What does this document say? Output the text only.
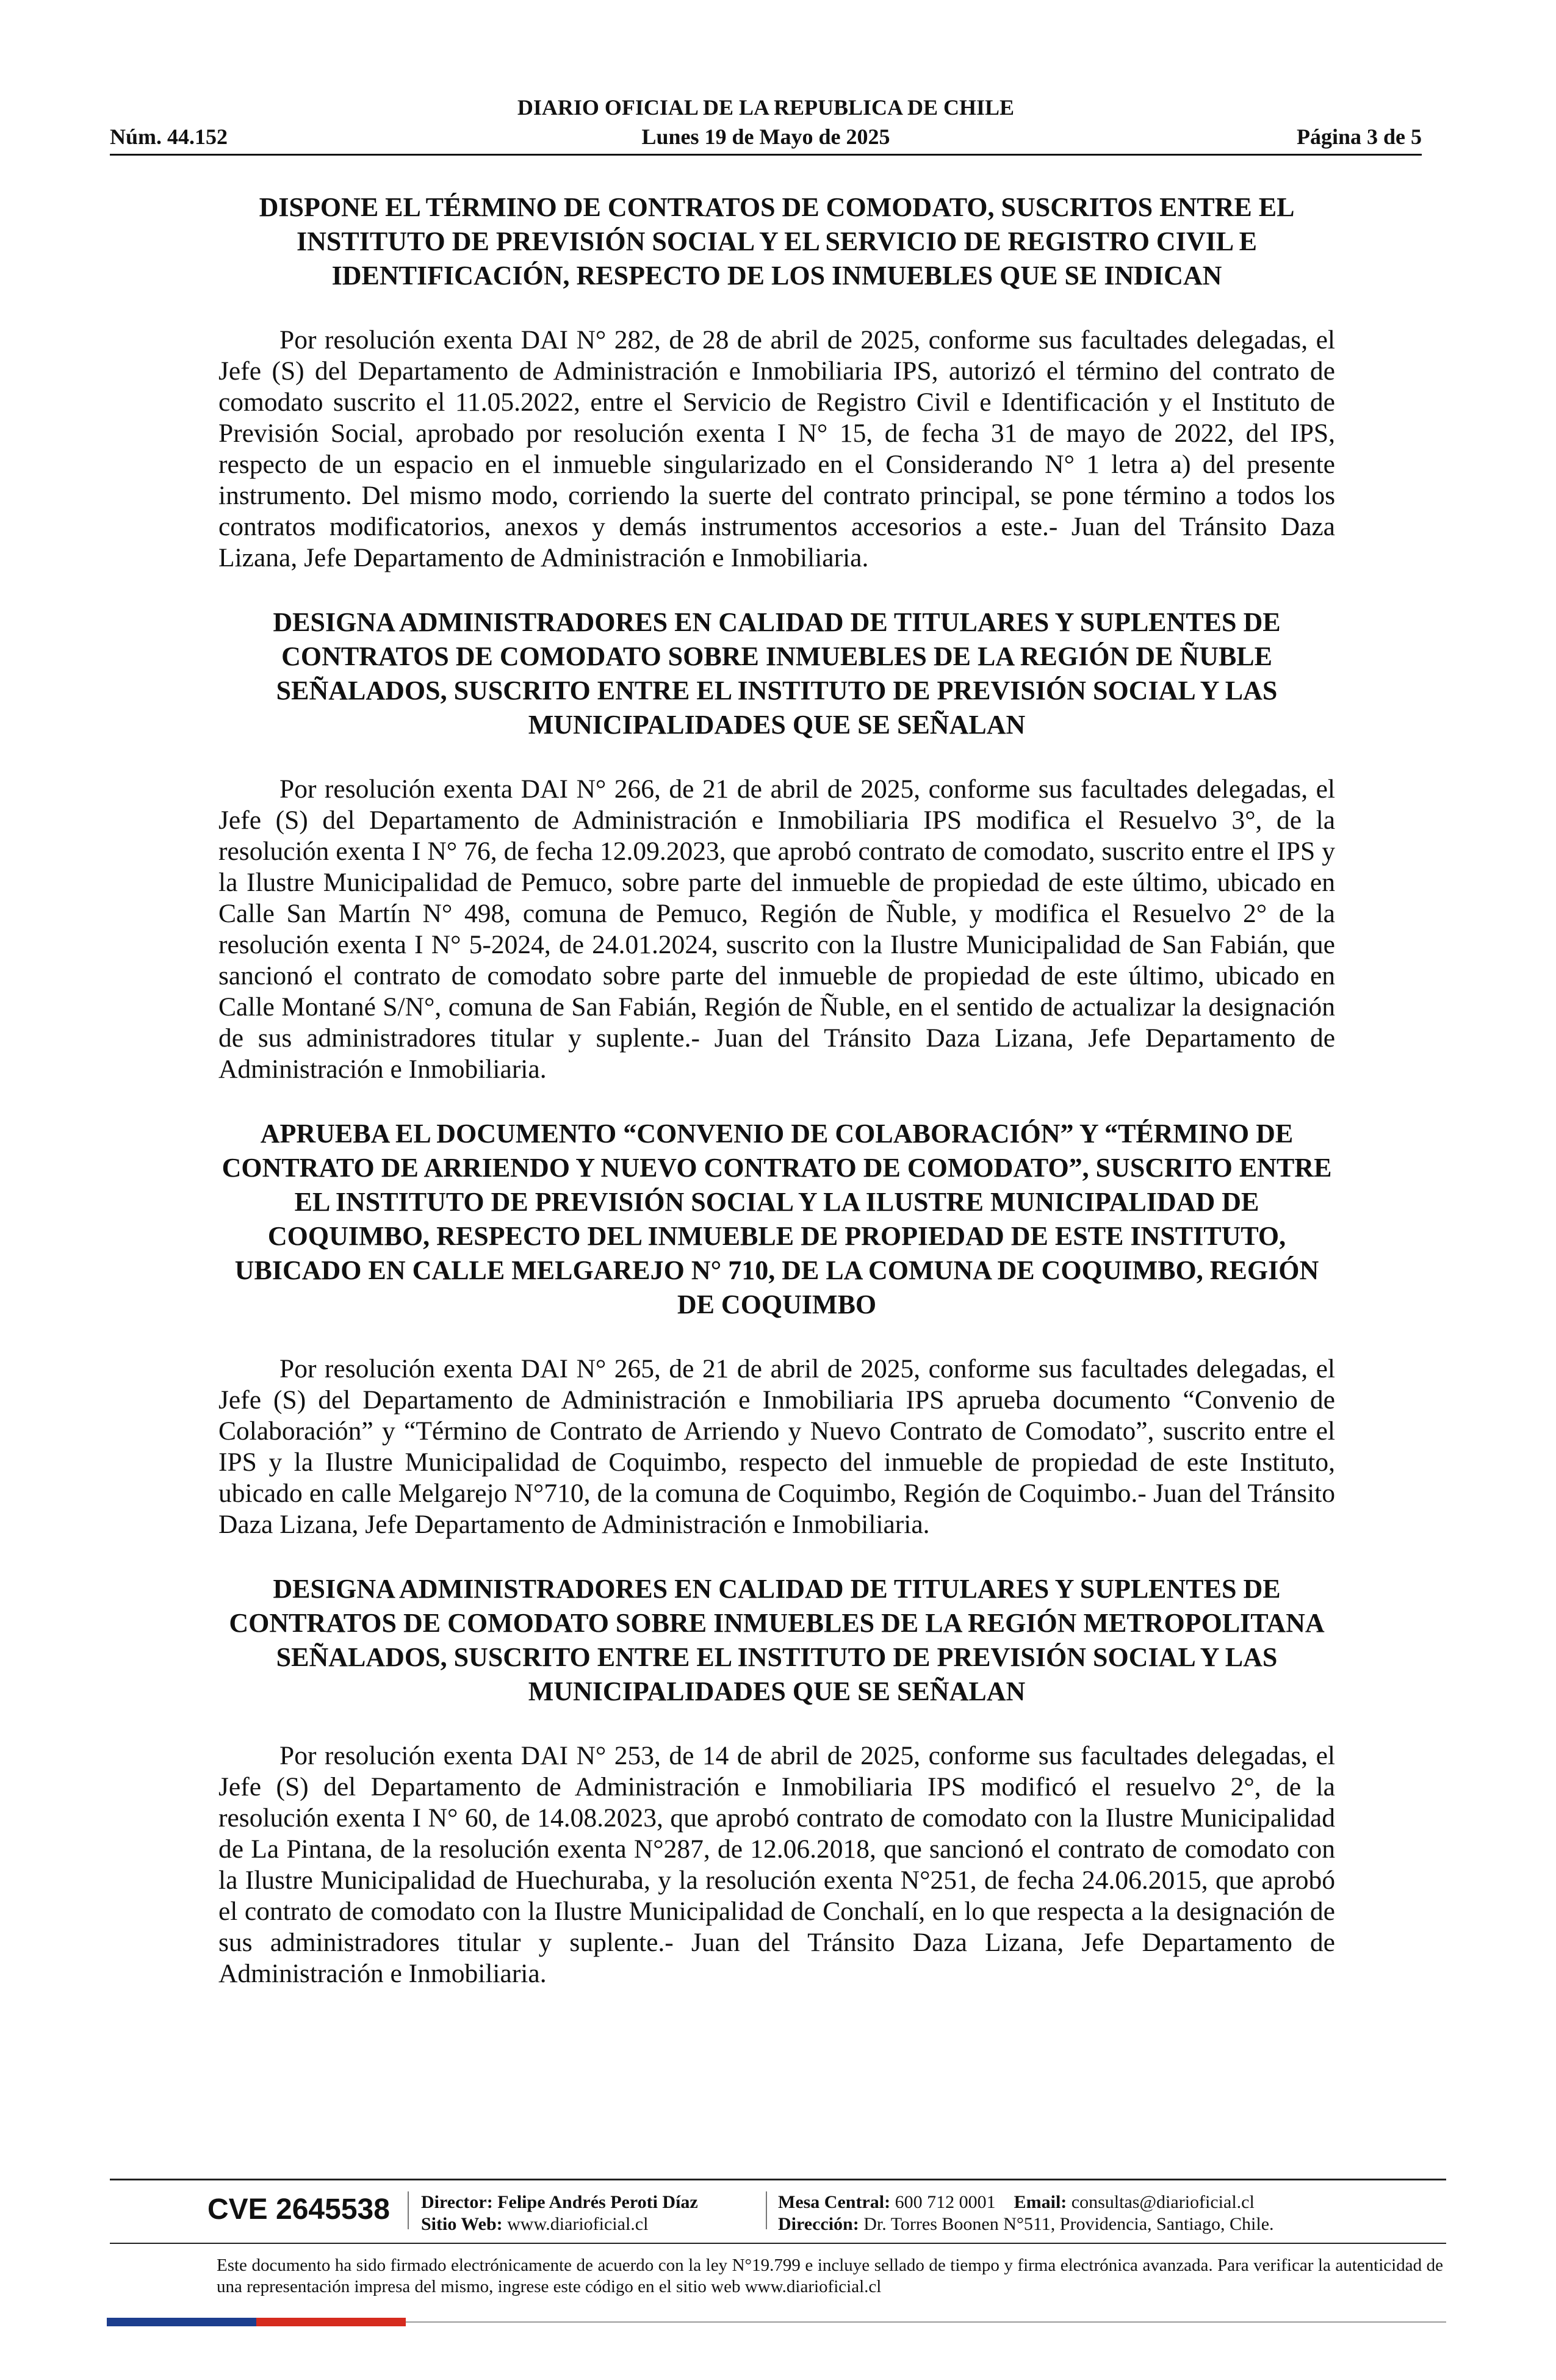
DIARIO OFICIAL DE LA REPUBLICA DE CHILE
Núm. 44.152	Lunes 19 de Mayo de 2025	Página 3 de 5
DISPONE EL TÉRMINO DE CONTRATOS DE COMODATO, SUSCRITOS ENTRE EL INSTITUTO DE PREVISIÓN SOCIAL Y EL SERVICIO DE REGISTRO CIVIL E IDENTIFICACIÓN, RESPECTO DE LOS INMUEBLES QUE SE INDICAN

Por resolución exenta DAI N° 282, de 28 de abril de 2025, conforme sus facultades delegadas, el Jefe (S) del Departamento de Administración e Inmobiliaria IPS, autorizó el término del contrato de comodato suscrito el 11.05.2022, entre el Servicio de Registro Civil e Identificación y el Instituto de Previsión Social, aprobado por resolución exenta I N° 15, de fecha 31 de mayo de 2022, del IPS, respecto de un espacio en el inmueble singularizado en el Considerando N° 1 letra a) del presente instrumento. Del mismo modo, corriendo la suerte del contrato principal, se pone término a todos los contratos modificatorios, anexos y demás instrumentos accesorios a este.- Juan del Tránsito Daza Lizana, Jefe Departamento de Administración e Inmobiliaria.

DESIGNA ADMINISTRADORES EN CALIDAD DE TITULARES Y SUPLENTES DE CONTRATOS DE COMODATO SOBRE INMUEBLES DE LA REGIÓN DE ÑUBLE SEÑALADOS, SUSCRITO ENTRE EL INSTITUTO DE PREVISIÓN SOCIAL Y LAS MUNICIPALIDADES QUE SE SEÑALAN

Por resolución exenta DAI N° 266, de 21 de abril de 2025, conforme sus facultades delegadas, el Jefe (S) del Departamento de Administración e Inmobiliaria IPS modifica el Resuelvo 3°, de la resolución exenta I N° 76, de fecha 12.09.2023, que aprobó contrato de comodato, suscrito entre el IPS y la Ilustre Municipalidad de Pemuco, sobre parte del inmueble de propiedad de este último, ubicado en Calle San Martín N° 498, comuna de Pemuco, Región de Ñuble, y modifica el Resuelvo 2° de la resolución exenta I N° 5-2024, de 24.01.2024, suscrito con la Ilustre Municipalidad de San Fabián, que sancionó el contrato de comodato sobre parte del inmueble de propiedad de este último, ubicado en Calle Montané S/N°, comuna de San Fabián, Región de Ñuble, en el sentido de actualizar la designación de sus administradores titular y suplente.- Juan del Tránsito Daza Lizana, Jefe Departamento de Administración e Inmobiliaria.

APRUEBA EL DOCUMENTO “CONVENIO DE COLABORACIÓN” Y “TÉRMINO DE CONTRATO DE ARRIENDO Y NUEVO CONTRATO DE COMODATO”, SUSCRITO ENTRE EL INSTITUTO DE PREVISIÓN SOCIAL Y LA ILUSTRE MUNICIPALIDAD DE COQUIMBO, RESPECTO DEL INMUEBLE DE PROPIEDAD DE ESTE INSTITUTO, UBICADO EN CALLE MELGAREJO N° 710, DE LA COMUNA DE COQUIMBO, REGIÓN DE COQUIMBO

Por resolución exenta DAI N° 265, de 21 de abril de 2025, conforme sus facultades delegadas, el Jefe (S) del Departamento de Administración e Inmobiliaria IPS aprueba documento “Convenio de Colaboración” y “Término de Contrato de Arriendo y Nuevo Contrato de Comodato”, suscrito entre el IPS y la Ilustre Municipalidad de Coquimbo, respecto del inmueble de propiedad de este Instituto, ubicado en calle Melgarejo N°710, de la comuna de Coquimbo, Región de Coquimbo.- Juan del Tránsito Daza Lizana, Jefe Departamento de Administración e Inmobiliaria.

DESIGNA ADMINISTRADORES EN CALIDAD DE TITULARES Y SUPLENTES DE CONTRATOS DE COMODATO SOBRE INMUEBLES DE LA REGIÓN METROPOLITANA SEÑALADOS, SUSCRITO ENTRE EL INSTITUTO DE PREVISIÓN SOCIAL Y LAS MUNICIPALIDADES QUE SE SEÑALAN

Por resolución exenta DAI N° 253, de 14 de abril de 2025, conforme sus facultades delegadas, el Jefe (S) del Departamento de Administración e Inmobiliaria IPS modificó el resuelvo 2°, de la resolución exenta I N° 60, de 14.08.2023, que aprobó contrato de comodato con la Ilustre Municipalidad de La Pintana, de la resolución exenta N°287, de 12.06.2018, que sancionó el contrato de comodato con la Ilustre Municipalidad de Huechuraba, y la resolución exenta N°251, de fecha 24.06.2015, que aprobó el contrato de comodato con la Ilustre Municipalidad de Conchalí, en lo que respecta a la designación de sus administradores titular y suplente.- Juan del Tránsito Daza Lizana, Jefe Departamento de Administración e Inmobiliaria.

CVE 2645538 Director: Felipe Andrés Peroti Díaz
Sitio Web: www.diarioficial.cl
Mesa Central: 600 712 0001 Email: consultas@diarioficial.cl
Dirección: Dr. Torres Boonen N°511, Providencia, Santiago, Chile.
Este documento ha sido firmado electrónicamente de acuerdo con la ley N°19.799 e incluye sellado de tiempo y firma electrónica avanzada. Para verificar la autenticidad de una representación impresa del mismo, ingrese este código en el sitio web www.diarioficial.cl
